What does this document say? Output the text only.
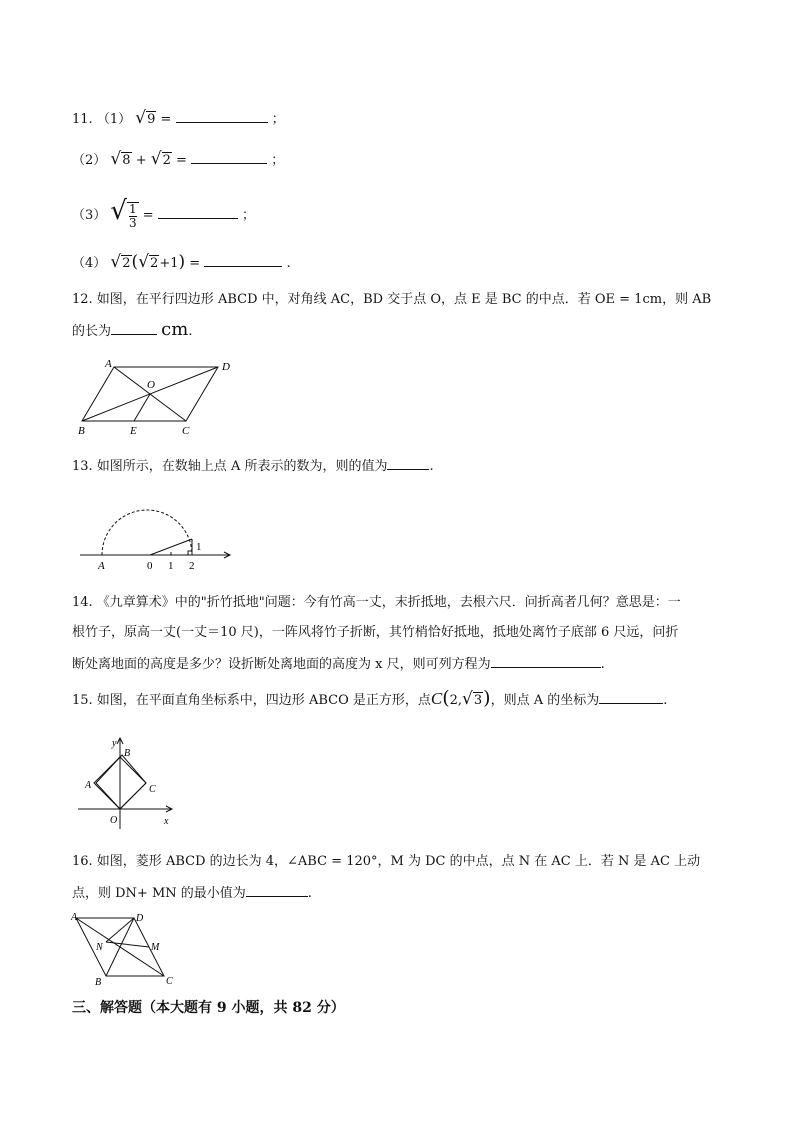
11. （1） √9 =	；
（2） √8 + √2 =	；
（3） √ $\frac{1}{3}$ =	；
（4） √2(√2+1) =	.
12. 如图，在平行四边形 ABCD 中，对角线 AC，BD 交于点 O，点 E 是 BC 的中点．若 OE = 1cm，则 AB
的长为	cm.
A	D
O
B	E	C
13. 如图所示，在数轴上点 A 所表示的数为，则的值为	.
A	0 1 2
1
14. 《九章算术》中的"折竹抵地"问题：今有竹高一丈，末折抵地，去根六尺．问折高者几何？意思是：一
根竹子，原高一丈(一丈＝10 尺)，一阵风将竹子折断，其竹梢恰好抵地，抵地处离竹子底部 6 尺远，问折
断处离地面的高度是多少？设折断处离地面的高度为 x 尺，则可列方程为	.
15. 如图，在平面直角坐标系中，四边形 ABCO 是正方形，点C(2,√3)，则点 A 的坐标为	.
y
x
B
A	C
O
16. 如图，菱形 ABCD 的边长为 4，∠ABC = 120°，M 为 DC 的中点，点 N 在 AC 上．若 N 是 AC 上动
点，则 DN+ MN 的最小值为	.
A	D
N	M
B	C
三、解答题（本大题有 9 小题，共 82 分）
